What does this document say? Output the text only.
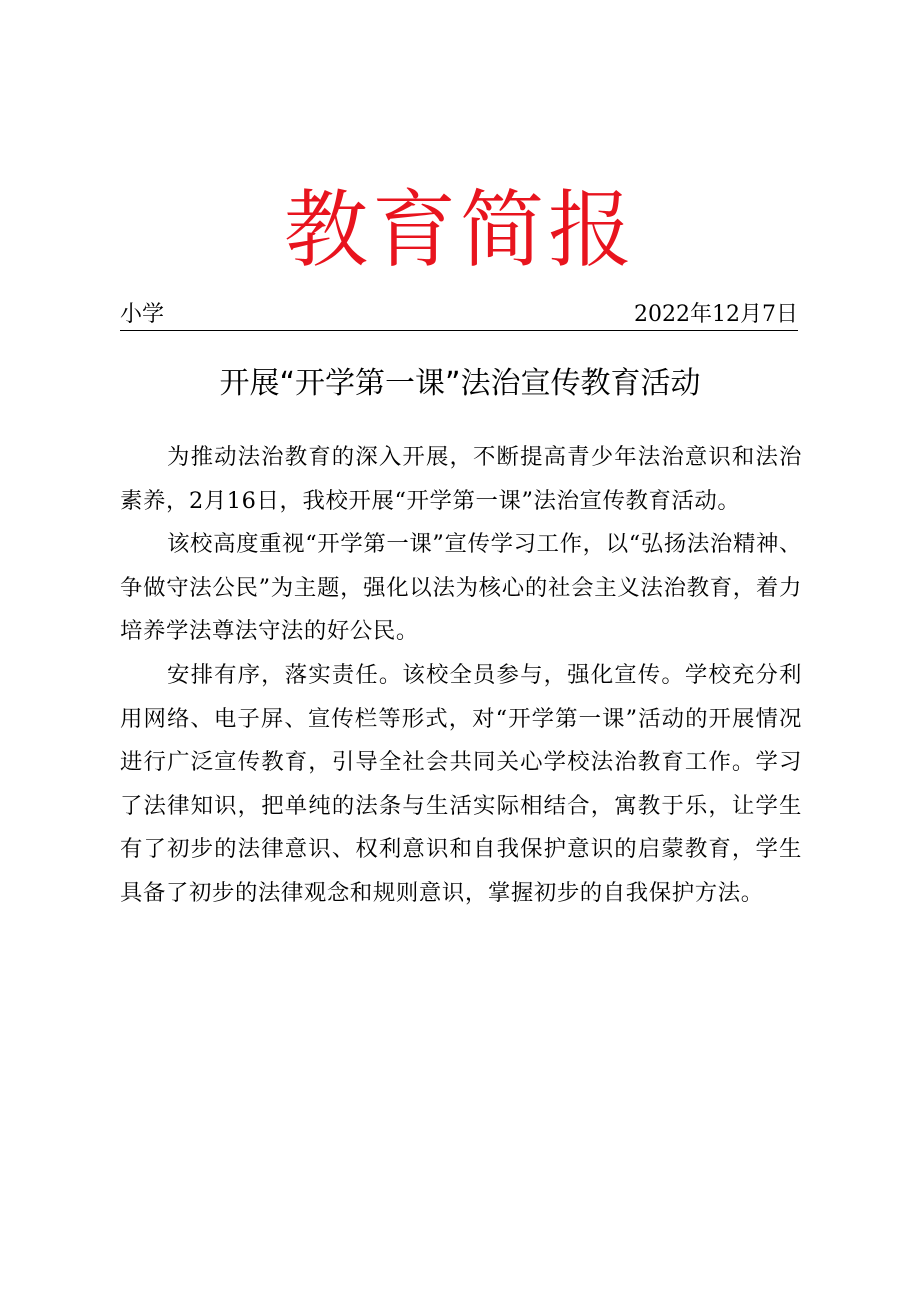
教育简报
小学	2022年12月7日
开展“开学第一课”法治宣传教育活动

为推动法治教育的深入开展，不断提高青少年法治意识和法治素养，2月16日，我校开展“开学第一课”法治宣传教育活动。

该校高度重视“开学第一课”宣传学习工作，以“弘扬法治精神、争做守法公民”为主题，强化以法为核心的社会主义法治教育，着力培养学法尊法守法的好公民。

安排有序，落实责任。该校全员参与，强化宣传。学校充分利用网络、电子屏、宣传栏等形式，对“开学第一课”活动的开展情况进行广泛宣传教育，引导全社会共同关心学校法治教育工作。学习了法律知识，把单纯的法条与生活实际相结合，寓教于乐，让学生有了初步的法律意识、权利意识和自我保护意识的启蒙教育，学生具备了初步的法律观念和规则意识，掌握初步的自我保护方法。
